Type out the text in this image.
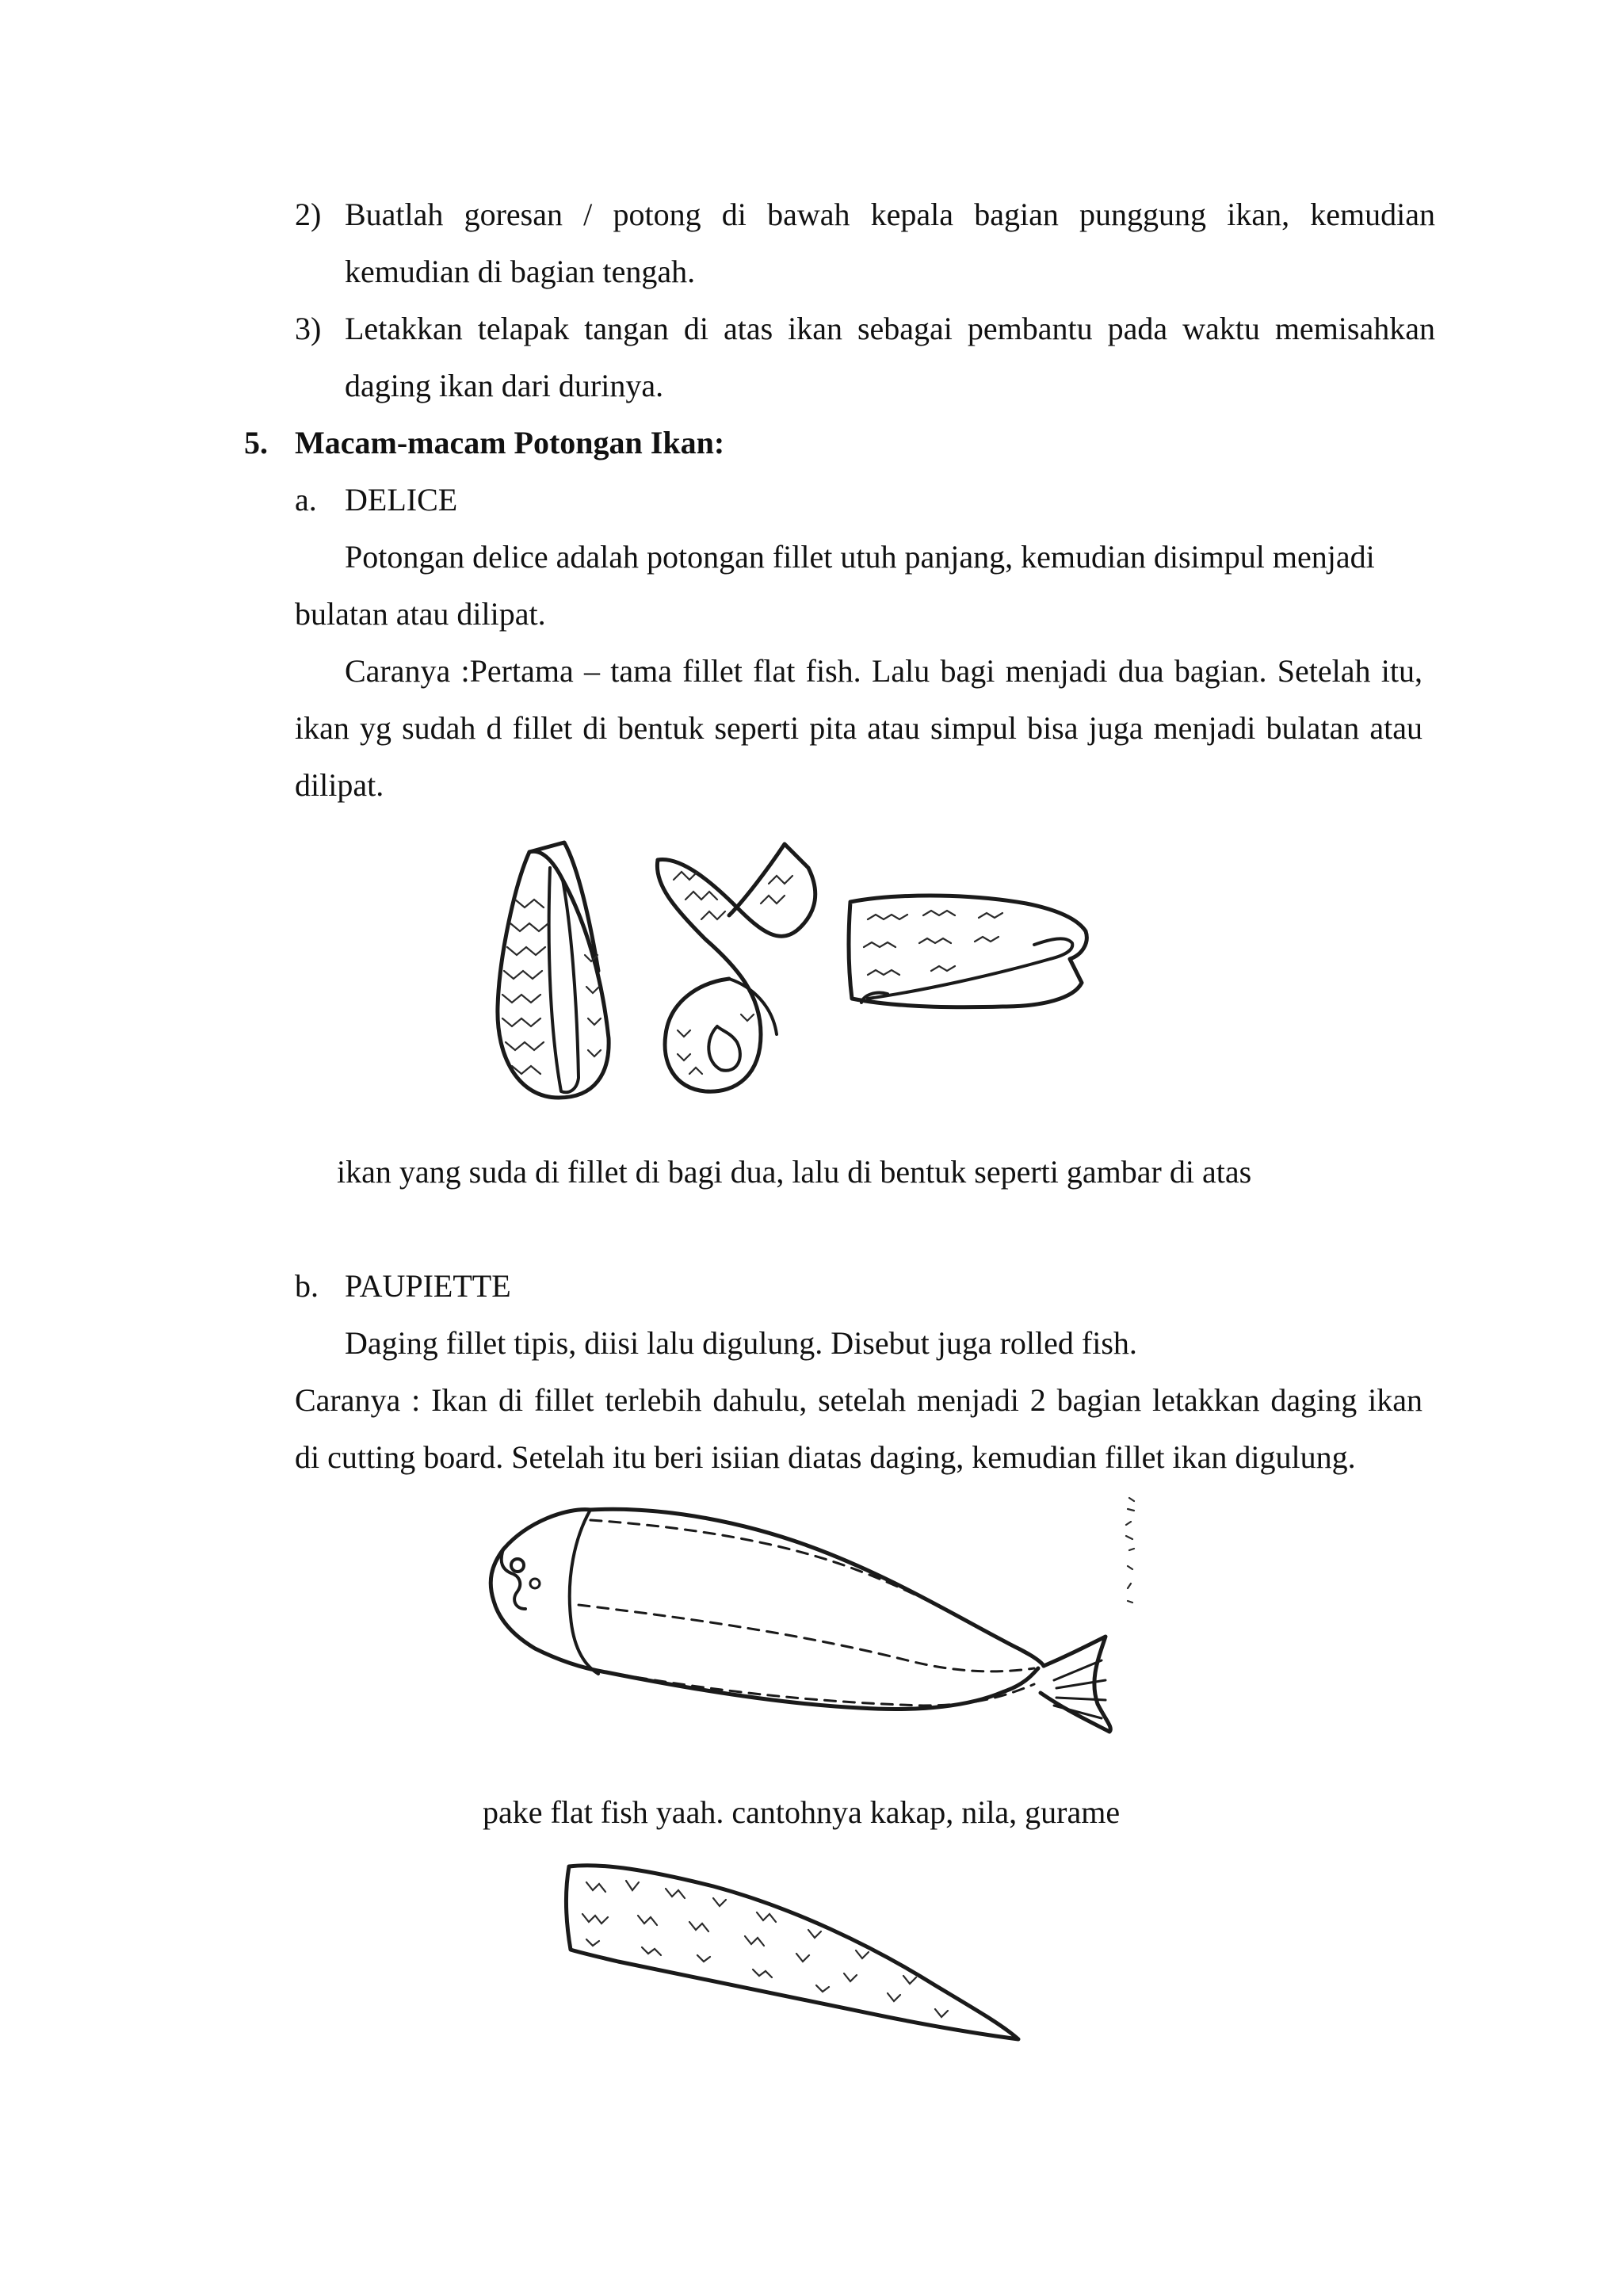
2) Buatlah goresan / potong di bawah kepala bagian punggung ikan, kemudian
kemudian di bagian tengah.
3) Letakkan telapak tangan di atas ikan sebagai pembantu pada waktu memisahkan
daging ikan dari durinya.
5. Macam-macam Potongan Ikan:
a. DELICE
Potongan delice adalah potongan fillet utuh panjang, kemudian disimpul menjadi
bulatan atau dilipat.
Caranya :Pertama – tama fillet flat fish. Lalu bagi menjadi dua bagian. Setelah itu,
ikan yg sudah d fillet di bentuk seperti pita atau simpul bisa juga menjadi bulatan atau
dilipat.
ikan yang suda di fillet di bagi dua, lalu di bentuk seperti gambar di atas
b. PAUPIETTE
Daging fillet tipis, diisi lalu digulung. Disebut juga rolled fish.
Caranya : Ikan di fillet terlebih dahulu, setelah menjadi 2 bagian letakkan daging ikan
di cutting board. Setelah itu beri isiian diatas daging, kemudian fillet ikan digulung.
pake flat fish yaah. cantohnya kakap, nila, gurame
